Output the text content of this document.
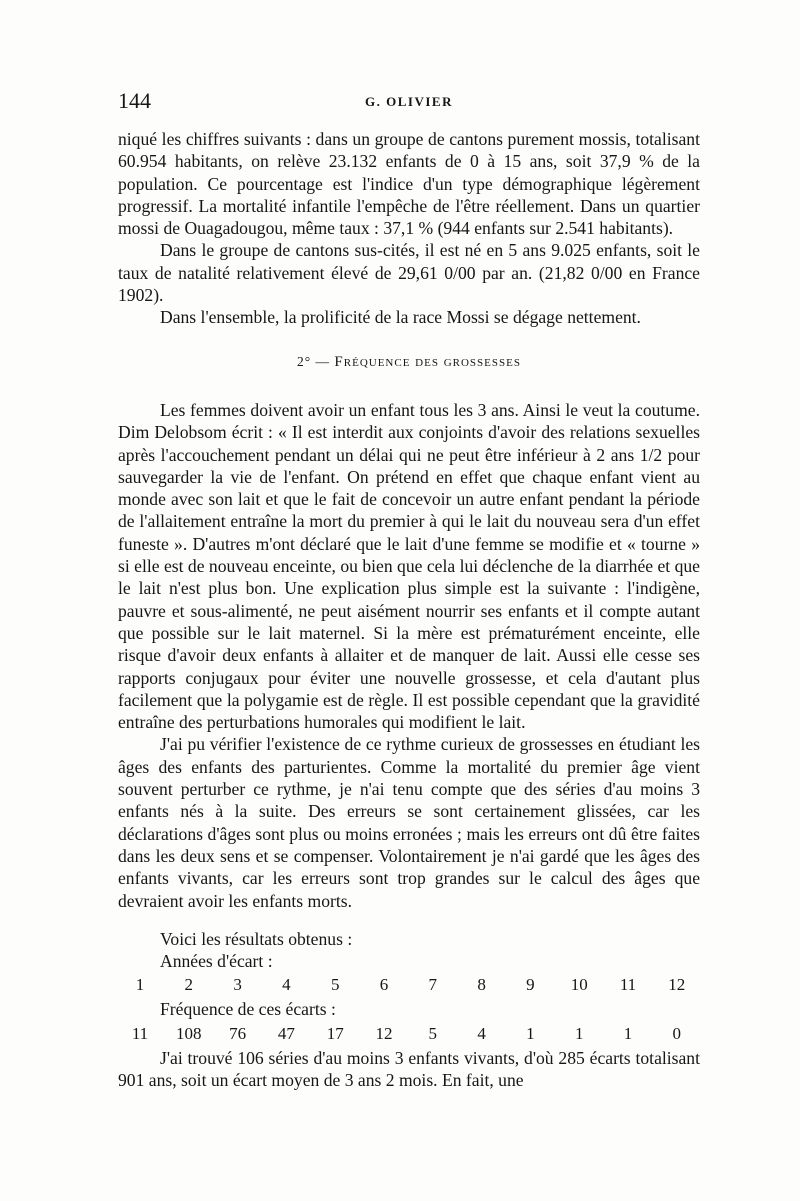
144	G. OLIVIER

niqué les chiffres suivants : dans un groupe de cantons purement mossis, totalisant 60.954 habitants, on relève 23.132 enfants de 0 à 15 ans, soit 37,9 % de la population. Ce pourcentage est l'indice d'un type démographique légèrement progressif. La mortalité infantile l'empêche de l'être réellement. Dans un quartier mossi de Ouagadougou, même taux : 37,1 % (944 enfants sur 2.541 habitants).

Dans le groupe de cantons sus-cités, il est né en 5 ans 9.025 enfants, soit le taux de natalité relativement élevé de 29,61 0/00 par an. (21,82 0/00 en France 1902).

Dans l'ensemble, la prolificité de la race Mossi se dégage nettement.

2° — Fréquence des grossesses

Les femmes doivent avoir un enfant tous les 3 ans. Ainsi le veut la coutume. Dim Delobsom écrit : « Il est interdit aux conjoints d'avoir des relations sexuelles après l'accouchement pendant un délai qui ne peut être inférieur à 2 ans 1/2 pour sauvegarder la vie de l'enfant. On prétend en effet que chaque enfant vient au monde avec son lait et que le fait de concevoir un autre enfant pendant la période de l'allaitement entraîne la mort du premier à qui le lait du nouveau sera d'un effet funeste ». D'autres m'ont déclaré que le lait d'une femme se modifie et « tourne » si elle est de nouveau enceinte, ou bien que cela lui déclenche de la diarrhée et que le lait n'est plus bon. Une explication plus simple est la suivante : l'indigène, pauvre et sous-alimenté, ne peut aisément nourrir ses enfants et il compte autant que possible sur le lait maternel. Si la mère est prématurément enceinte, elle risque d'avoir deux enfants à allaiter et de manquer de lait. Aussi elle cesse ses rapports conjugaux pour éviter une nouvelle grossesse, et cela d'autant plus facilement que la polygamie est de règle. Il est possible cependant que la gravidité entraîne des perturbations humorales qui modifient le lait.

J'ai pu vérifier l'existence de ce rythme curieux de grossesses en étudiant les âges des enfants des parturientes. Comme la mortalité du premier âge vient souvent perturber ce rythme, je n'ai tenu compte que des séries d'au moins 3 enfants nés à la suite. Des erreurs se sont certainement glissées, car les déclarations d'âges sont plus ou moins erronées ; mais les erreurs ont dû être faites dans les deux sens et se compenser. Volontairement je n'ai gardé que les âges des enfants vivants, car les erreurs sont trop grandes sur le calcul des âges que devraient avoir les enfants morts.

Voici les résultats obtenus :

Années d'écart :

1	2	3	4	5	6	7	8	9	10	11	12

Fréquence de ces écarts :

11	108	76	47	17	12	5	4	1	1	1	0

J'ai trouvé 106 séries d'au moins 3 enfants vivants, d'où 285 écarts totalisant 901 ans, soit un écart moyen de 3 ans 2 mois. En fait, une
